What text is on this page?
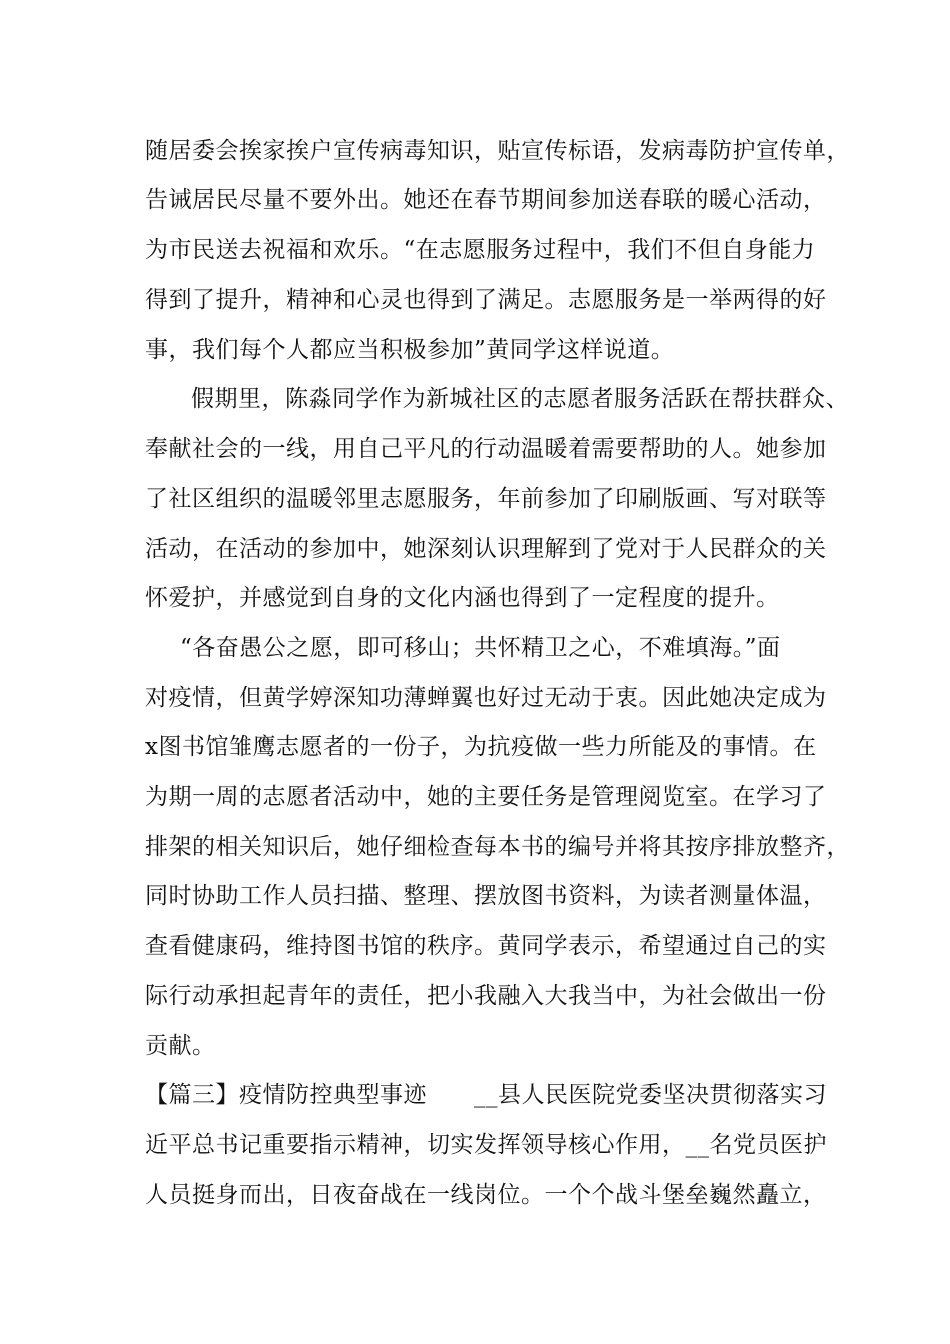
随居委会挨家挨户宣传病毒知识，贴宣传标语，发病毒防护宣传单，
告诫居民尽量不要外出。她还在春节期间参加送春联的暖心活动，
为市民送去祝福和欢乐。“在志愿服务过程中，我们不但自身能力
得到了提升，精神和心灵也得到了满足。志愿服务是一举两得的好
事，我们每个人都应当积极参加”黄同学这样说道。
假期里，陈淼同学作为新城社区的志愿者服务活跃在帮扶群众、
奉献社会的一线，用自己平凡的行动温暖着需要帮助的人。她参加
了社区组织的温暖邻里志愿服务，年前参加了印刷版画、写对联等
活动，在活动的参加中，她深刻认识理解到了党对于人民群众的关
怀爱护，并感觉到自身的文化内涵也得到了一定程度的提升。
“各奋愚公之愿，即可移山；共怀精卫之心，不难填海。”面
对疫情，但黄学婷深知功薄蝉翼也好过无动于衷。因此她决定成为
x图书馆雏鹰志愿者的一份子，为抗疫做一些力所能及的事情。在
为期一周的志愿者活动中，她的主要任务是管理阅览室。在学习了
排架的相关知识后，她仔细检查每本书的编号并将其按序排放整齐，
同时协助工作人员扫描、整理、摆放图书资料，为读者测量体温，
查看健康码，维持图书馆的秩序。黄同学表示，希望通过自己的实
际行动承担起青年的责任，把小我融入大我当中，为社会做出一份
贡献。
【篇三】疫情防控典型事迹　　__县人民医院党委坚决贯彻落实习
近平总书记重要指示精神，切实发挥领导核心作用，__名党员医护
人员挺身而出，日夜奋战在一线岗位。一个个战斗堡垒巍然矗立，
